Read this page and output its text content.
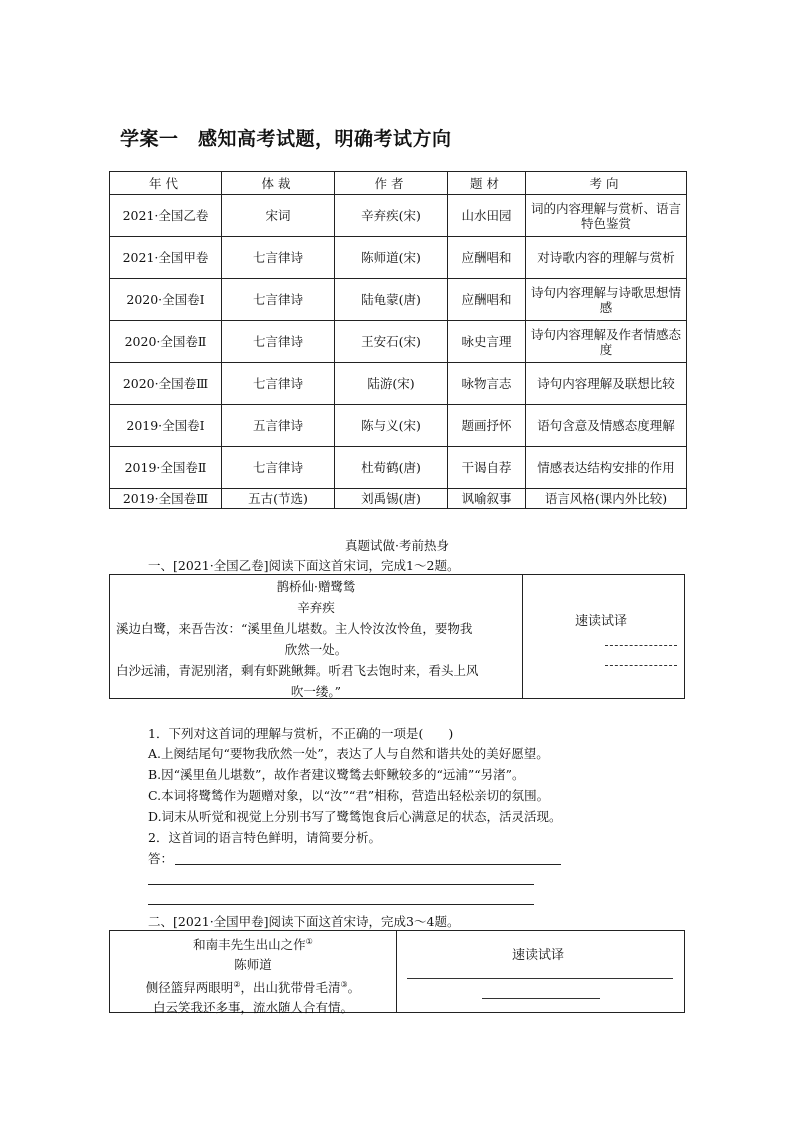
学案一　感知高考试题，明确考试方向
年代	体裁	作者	题材	考向
2021·全国乙卷	宋词	辛弃疾(宋)	山水田园	词的内容理解与赏析、语言特色鉴赏
2021·全国甲卷	七言律诗	陈师道(宋)	应酬唱和	对诗歌内容的理解与赏析
2020·全国卷Ⅰ	七言律诗	陆龟蒙(唐)	应酬唱和	诗句内容理解与诗歌思想情感
2020·全国卷Ⅱ	七言律诗	王安石(宋)	咏史言理	诗句内容理解及作者情感态度
2020·全国卷Ⅲ	七言律诗	陆游(宋)	咏物言志	诗句内容理解及联想比较
2019·全国卷Ⅰ	五言律诗	陈与义(宋)	题画抒怀	语句含意及情感态度理解
2019·全国卷Ⅱ	七言律诗	杜荀鹤(唐)	干谒自荐	情感表达结构安排的作用
2019·全国卷Ⅲ	五古(节选)	刘禹锡(唐)	讽喻叙事	语言风格(课内外比较)
真题试做·考前热身
一、[2021·全国乙卷]阅读下面这首宋词，完成1～2题。
鹊桥仙·赠鹭鸶
辛弃疾
溪边白鹭，来吾告汝：“溪里鱼儿堪数。主人怜汝汝怜鱼，要物我
欣然一处。
白沙远浦，青泥别渚，剩有虾跳鳅舞。听君飞去饱时来，看头上风
吹一缕。”
速读试译
1．下列对这首词的理解与赏析，不正确的一项是(　　)
A.上阕结尾句“要物我欣然一处”，表达了人与自然和谐共处的美好愿望。
B.因“溪里鱼儿堪数”，故作者建议鹭鸶去虾鳅较多的“远浦”“另渚”。
C.本词将鹭鸶作为题赠对象，以“汝”“君”相称，营造出轻松亲切的氛围。
D.词末从听觉和视觉上分别书写了鹭鸶饱食后心满意足的状态，活灵活现。
2．这首词的语言特色鲜明，请简要分析。
答：
二、[2021·全国甲卷]阅读下面这首宋诗，完成3～4题。
和南丰先生出山之作①
陈师道
侧径篮舁两眼明②，出山犹带骨毛清③。
白云笑我还多事，流水随人合有情。
速读试译
